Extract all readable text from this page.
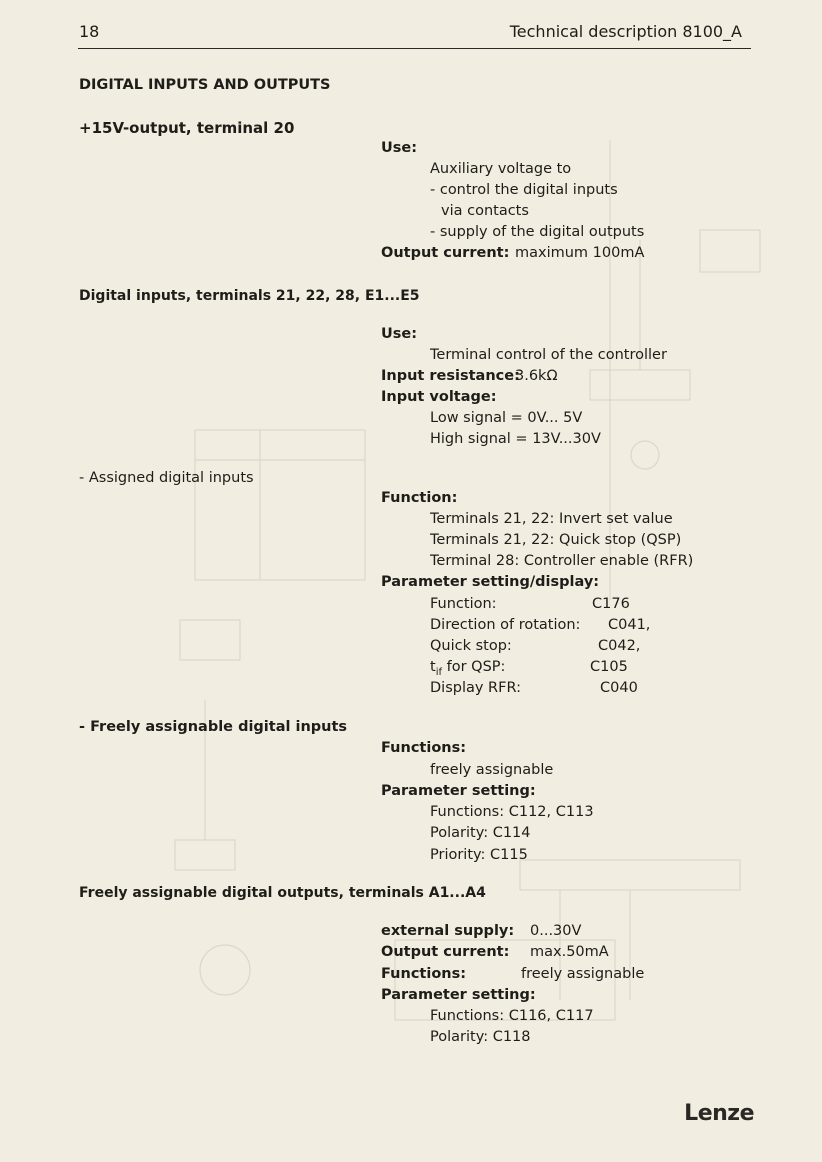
18	Technical description 8100_A
DIGITAL INPUTS AND OUTPUTS
+15V-output, terminal 20
Use:
Auxiliary voltage to
- control the digital inputs
via contacts
- supply of the digital outputs
Output current: maximum 100mA
Digital inputs, terminals 21, 22, 28, E1...E5
Use:
Terminal control of the controller
Input resistance:
3.6kΩ
Input voltage:
Low signal = 0V... 5V
High signal = 13V...30V
- Assigned digital inputs
Function:
Terminals 21, 22: Invert set value
Terminals 21, 22: Quick stop (QSP)
Terminal 28: Controller enable (RFR)
Parameter setting/display:
Function:	C176
Direction of rotation: C041,
Quick stop:	C042,
$t_{if}$ for QSP:	C105
Display RFR:	C040
- Freely assignable digital inputs
Functions:
freely assignable
Parameter setting:
Functions: C112, C113
Polarity: C114
Priority: C115
Freely assignable digital outputs, terminals A1...A4
external supply: 0...30V
Output current: max.50mA
Functions:	freely assignable
Parameter setting:
Functions: C116, C117
Polarity: C118
Lenze
